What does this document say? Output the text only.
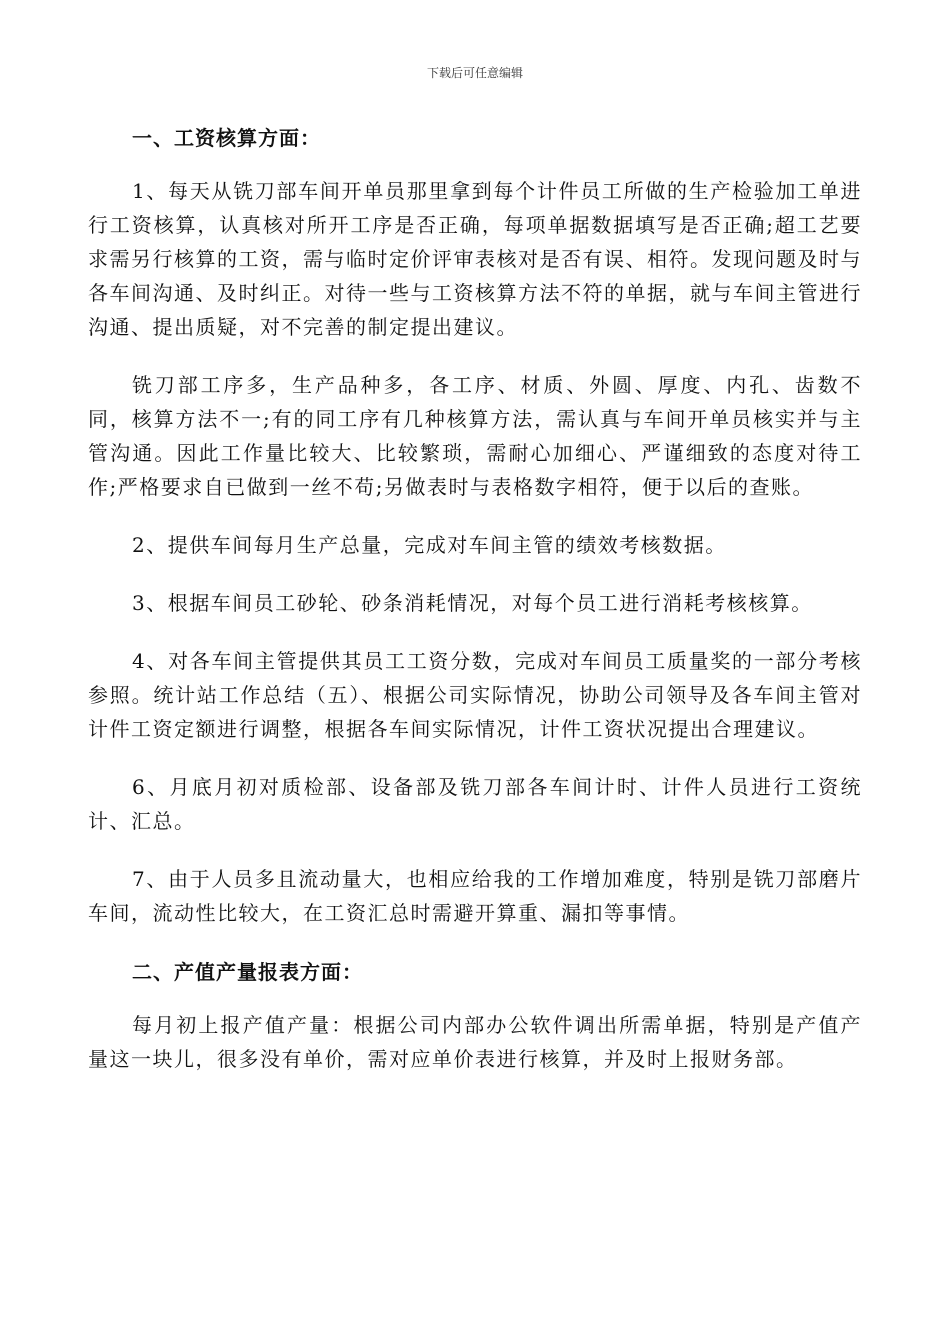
下载后可任意编辑
一、工资核算方面：

1、每天从铣刀部车间开单员那里拿到每个计件员工所做的生产检验加工单进行工资核算，认真核对所开工序是否正确，每项单据数据填写是否正确;超工艺要求需另行核算的工资，需与临时定价评审表核对是否有误、相符。发现问题及时与各车间沟通、及时纠正。对待一些与工资核算方法不符的单据，就与车间主管进行沟通、提出质疑，对不完善的制定提出建议。

铣刀部工序多，生产品种多，各工序、材质、外圆、厚度、内孔、齿数不同，核算方法不一;有的同工序有几种核算方法，需认真与车间开单员核实并与主管沟通。因此工作量比较大、比较繁琐，需耐心加细心、严谨细致的态度对待工作;严格要求自已做到一丝不苟;另做表时与表格数字相符，便于以后的查账。

2、提供车间每月生产总量，完成对车间主管的绩效考核数据。

3、根据车间员工砂轮、砂条消耗情况，对每个员工进行消耗考核核算。

4、对各车间主管提供其员工工资分数，完成对车间员工质量奖的一部分考核参照。统计站工作总结（五）、根据公司实际情况，协助公司领导及各车间主管对计件工资定额进行调整，根据各车间实际情况，计件工资状况提出合理建议。

6、月底月初对质检部、设备部及铣刀部各车间计时、计件人员进行工资统计、汇总。

7、由于人员多且流动量大，也相应给我的工作增加难度，特别是铣刀部磨片车间，流动性比较大，在工资汇总时需避开算重、漏扣等事情。

二、产值产量报表方面：

每月初上报产值产量：根据公司内部办公软件调出所需单据，特别是产值产量这一块儿，很多没有单价，需对应单价表进行核算，并及时上报财务部。
